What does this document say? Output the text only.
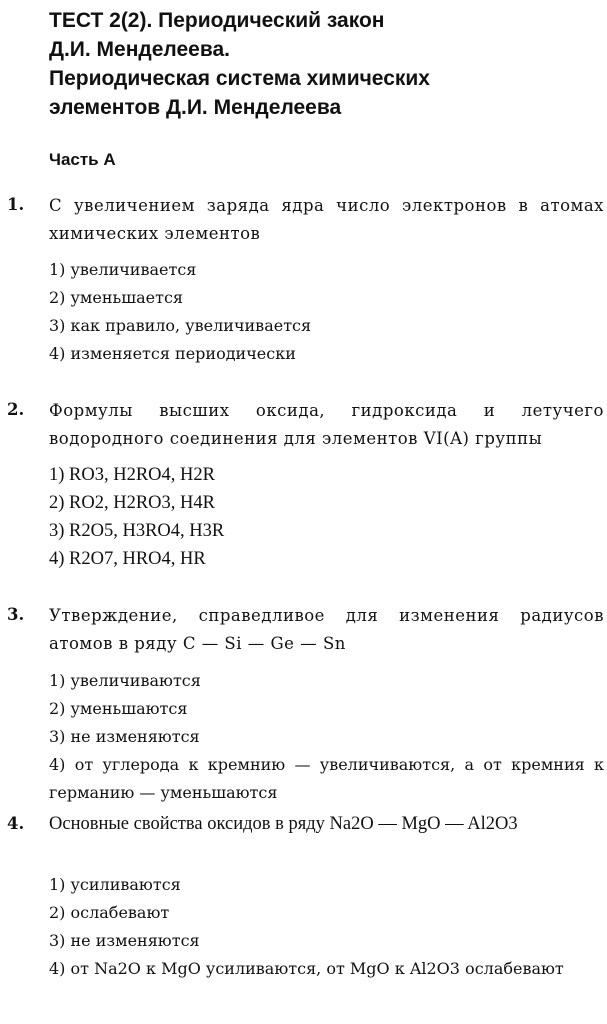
ТЕСТ 2(2). Периодический закон
Д.И. Менделеева.
Периодическая система химических
элементов Д.И. Менделеева
Часть А
1. С увеличением заряда ядра число электронов в атомах химических элементов
1) увеличивается
2) уменьшается
3) как правило, увеличивается
4) изменяется периодически
2. Формулы высших оксида, гидроксида и летучего водородного соединения для элементов VI(A) группы
1) RO3, H2RO4, H2R
2) RO2, H2RO3, H4R
3) R2O5, H3RO4, H3R
4) R2O7, HRO4, HR
3. Утверждение, справедливое для изменения радиусов атомов в ряду C — Si — Ge — Sn
1) увеличиваются
2) уменьшаются
3) не изменяются
4) от углерода к кремнию — увеличиваются, а от кремния к германию — уменьшаются
4. Основные свойства оксидов в ряду Na2O — MgO — Al2O3
1) усиливаются
2) ослабевают
3) не изменяются
4) от Na2O к MgO усиливаются, от MgO к Al2O3 ослабевают
